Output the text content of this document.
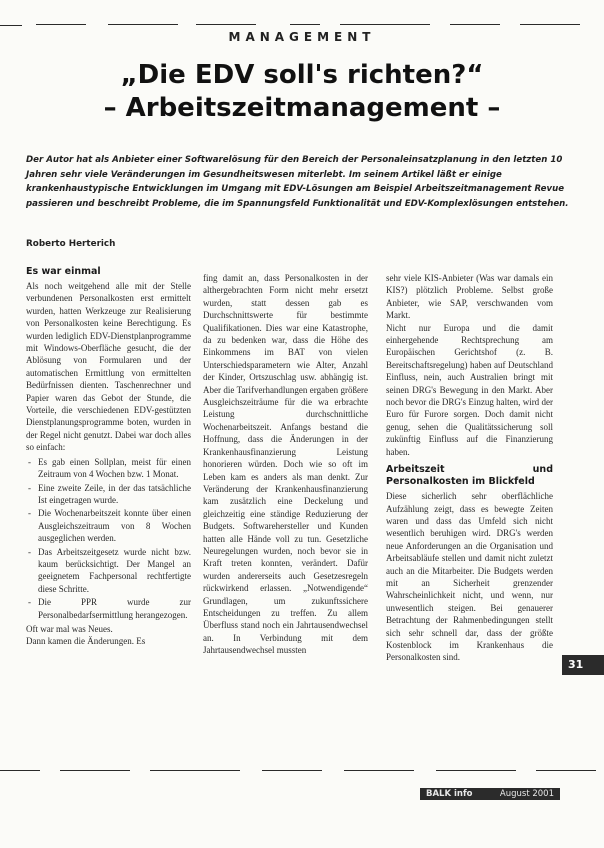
MANAGEMENT
„Die EDV soll's richten?“
– Arbeitszeitmanagement –

Der Autor hat als Anbieter einer Softwarelösung für den Bereich der Personaleinsatzplanung in den letzten 10 Jahren sehr viele Veränderungen im Gesundheitswesen miterlebt. Im seinem Artikel läßt er einige krankenhaustypische Entwicklungen im Umgang mit EDV-Lösungen am Beispiel Arbeitszeitmanagement Revue passieren und beschreibt Probleme, die im Spannungsfeld Funktionalität und EDV-Komplexlösungen entstehen.

Roberto Herterich
Es war einmal

Als noch weitgehend alle mit der Stelle verbundenen Personalkosten erst ermittelt wurden, hatten Werkzeuge zur Realisierung von Personalkosten keine Berechtigung. Es wurden lediglich EDV-Dienstplanprogramme mit Windows-Oberfläche gesucht, die der Ablösung von Formularen und der automatischen Ermittlung von ermittelten Bedürfnissen dienten. Taschenrechner und Papier waren das Gebot der Stunde, die Vorteile, die verschiedenen EDV-gestützten Dienstplanungsprogramme boten, wurden in der Regel nicht genutzt. Dabei war doch alles so einfach:

- Es gab einen Sollplan, meist für einen Zeitraum von 4 Wochen bzw. 1 Monat.
- Eine zweite Zeile, in der das tatsächliche Ist eingetragen wurde.
- Die Wochenarbeitszeit konnte über einen Ausgleichszeitraum von 8 Wochen ausgeglichen werden.
- Das Arbeitszeitgesetz wurde nicht bzw. kaum berücksichtigt. Der Mangel an geeignetem Fachpersonal rechtfertigte diese Schritte.
- Die PPR wurde zur Personalbedarfsermittlung herangezogen.

Oft war mal was Neues.

Dann kamen die Änderungen. Es

fing damit an, dass Personalkosten in der althergebrachten Form nicht mehr ersetzt wurden, statt dessen gab es Durchschnittswerte für bestimmte Qualifikationen. Dies war eine Katastrophe, da zu bedenken war, dass die Höhe des Einkommens im BAT von vielen Unterschiedsparametern wie Alter, Anzahl der Kinder, Ortszuschlag usw. abhängig ist. Aber die Tarifverhandlungen ergaben größere Ausgleichszeiträume für die wa erbrachte Leistung durchschnittliche Wochenarbeitszeit. Anfangs bestand die Hoffnung, dass die Änderungen in der Krankenhausfinanzierung Leistung honorieren würden. Doch wie so oft im Leben kam es anders als man denkt. Zur Veränderung der Krankenhausfinanzierung kam zusätzlich eine Deckelung und gleichzeitig eine ständige Reduzierung der Budgets. Softwarehersteller und Kunden hatten alle Hände voll zu tun. Gesetzliche Neuregelungen wurden, noch bevor sie in Kraft treten konnten, verändert. Dafür wurden andererseits auch Gesetzesregeln rückwirkend erlassen. „Notwendigende“ Grundlagen, um zukunftssichere Entscheidungen zu treffen. Zu allem Überfluss stand noch ein Jahrtausendwechsel an. In Verbindung mit dem Jahrtausendwechsel mussten

sehr viele KIS-Anbieter (Was war damals ein KIS?) plötzlich Probleme. Selbst große Anbieter, wie SAP, verschwanden vom Markt.

Nicht nur Europa und die damit einhergehende Rechtsprechung am Europäischen Gerichtshof (z. B. Bereitschaftsregelung) haben auf Deutschland Einfluss, nein, auch Australien bringt mit seinen DRG's Bewegung in den Markt. Aber noch bevor die DRG's Einzug halten, wird der Euro für Furore sorgen. Doch damit nicht genug, sehen die Qualitätssicherung soll zukünftig Einfluss auf die Finanzierung haben.

Arbeitszeit und Personalkosten im Blickfeld

Diese sicherlich sehr oberflächliche Aufzählung zeigt, dass es bewegte Zeiten waren und dass das Umfeld sich nicht wesentlich beruhigen wird. DRG's werden neue Anforderungen an die Organisation und Arbeitsabläufe stellen und damit nicht zuletzt auch an die Mitarbeiter. Die Budgets werden mit an Sicherheit grenzender Wahrscheinlichkeit nicht, und wenn, nur unwesentlich steigen. Bei genauerer Betrachtung der Rahmenbedingungen stellt sich sehr schnell dar, dass der größte Kostenblock im Krankenhaus die Personalkosten sind.

31
BALK info	August 2001
